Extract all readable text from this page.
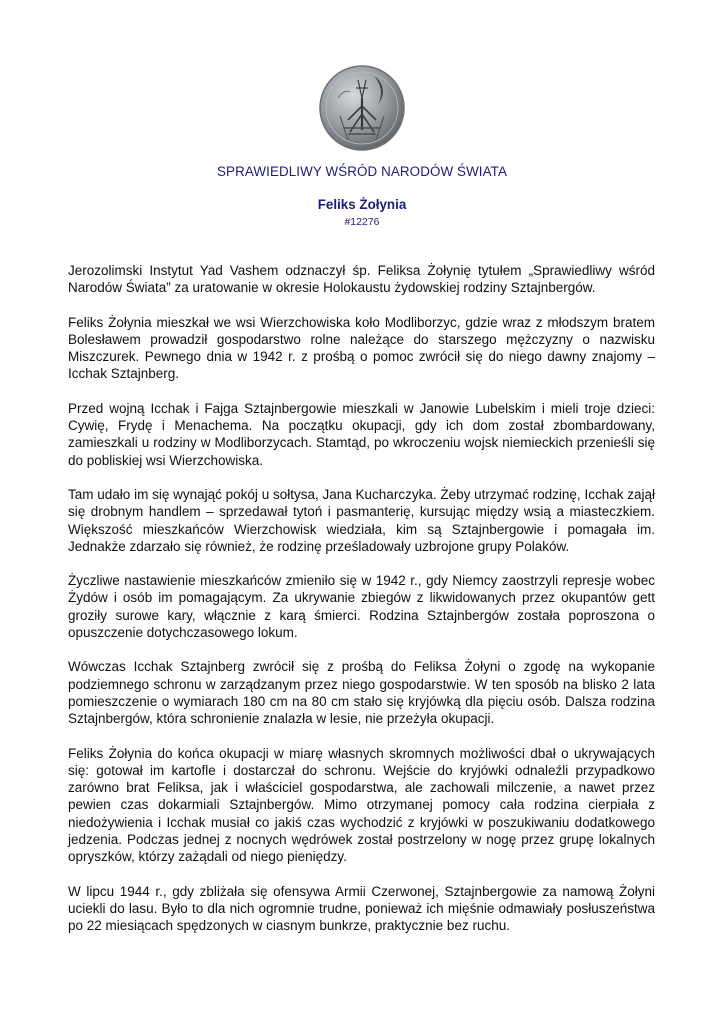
SPRAWIEDLIWY WŚRÓD NARODÓW ŚWIATA
Feliks Żołynia
#12276

Jerozolimski Instytut Yad Vashem odznaczył śp. Feliksa Żołynię tytułem „Sprawiedliwy wśród Narodów Świata” za uratowanie w okresie Holokaustu żydowskiej rodziny Sztajnbergów.

Feliks Żołynia mieszkał we wsi Wierzchowiska koło Modliborzyc, gdzie wraz z młodszym bratem Bolesławem prowadził gospodarstwo rolne należące do starszego mężczyzny o nazwisku Miszczurek. Pewnego dnia w 1942 r. z prośbą o pomoc zwrócił się do niego dawny znajomy – Icchak Sztajnberg.

Przed wojną Icchak i Fajga Sztajnbergowie mieszkali w Janowie Lubelskim i mieli troje dzieci: Cywię, Frydę i Menachema. Na początku okupacji, gdy ich dom został zbombardowany, zamieszkali u rodziny w Modliborzycach. Stamtąd, po wkroczeniu wojsk niemieckich przenieśli się do pobliskiej wsi Wierzchowiska.

Tam udało im się wynająć pokój u sołtysa, Jana Kucharczyka. Żeby utrzymać rodzinę, Icchak zajął się drobnym handlem – sprzedawał tytoń i pasmanterię, kursując między wsią a miasteczkiem. Większość mieszkańców Wierzchowisk wiedziała, kim są Sztajnbergowie i pomagała im. Jednakże zdarzało się również, że rodzinę prześladowały uzbrojone grupy Polaków.

Życzliwe nastawienie mieszkańców zmieniło się w 1942 r., gdy Niemcy zaostrzyli represje wobec Żydów i osób im pomagającym. Za ukrywanie zbiegów z likwidowanych przez okupantów gett groziły surowe kary, włącznie z karą śmierci. Rodzina Sztajnbergów została poproszona o opuszczenie dotychczasowego lokum.

Wówczas Icchak Sztajnberg zwrócił się z prośbą do Feliksa Żołyni o zgodę na wykopanie podziemnego schronu w zarządzanym przez niego gospodarstwie. W ten sposób na blisko 2 lata pomieszczenie o wymiarach 180 cm na 80 cm stało się kryjówką dla pięciu osób. Dalsza rodzina Sztajnbergów, która schronienie znalazła w lesie, nie przeżyła okupacji.

Feliks Żołynia do końca okupacji w miarę własnych skromnych możliwości dbał o ukrywających się: gotował im kartofle i dostarczał do schronu. Wejście do kryjówki odnaleźli przypadkowo zarówno brat Feliksa, jak i właściciel gospodarstwa, ale zachowali milczenie, a nawet przez pewien czas dokarmiali Sztajnbergów. Mimo otrzymanej pomocy cała rodzina cierpiała z niedożywienia i Icchak musiał co jakiś czas wychodzić z kryjówki w poszukiwaniu dodatkowego jedzenia. Podczas jednej z nocnych wędrówek został postrzelony w nogę przez grupę lokalnych opryszków, którzy zażądali od niego pieniędzy.

W lipcu 1944 r., gdy zbliżała się ofensywa Armii Czerwonej, Sztajnbergowie za namową Żołyni uciekli do lasu. Było to dla nich ogromnie trudne, ponieważ ich mięśnie odmawiały posłuszeństwa po 22 miesiącach spędzonych w ciasnym bunkrze, praktycznie bez ruchu.
